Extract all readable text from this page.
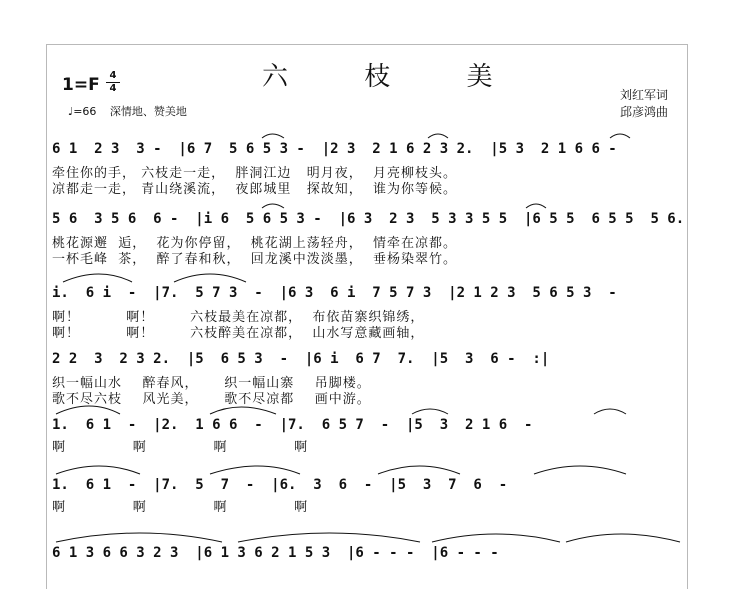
六 枝 美
1=F 4
4
♩=66 深情地、赞美地
刘红军词
邱彦鸿曲
6 1  2 3  3 -  |6 7  5 6 5 3 -  |2 3  2 1 6 2 3 2.  |5 3  2 1 6 6 -
牵住你的手， 六枝走一走，  胖洞江边   明月夜，  月亮柳枝头。
凉都走一走， 青山绕溪流，  夜郎城里   探故知，  谁为你等候。
5 6  3 5 6  6 -  |i 6  5 6 5 3 -  |6 3  2 3  5 3 3 5 5  |6 5 5  6 5 5  5 6.
桃花源邂  逅，  花为你停留，  桃花湖上荡轻舟，  情牵在凉都。
一杯毛峰  茶，  醉了春和秋，  回龙溪中泼淡墨，  垂杨染翠竹。
i.  6 i  -  |7.  5 7 3  -  |6 3  6 i  7 5 7 3  |2 1 2 3  5 6 5 3  -
啊！         啊！       六枝最美在凉都，  布依苗寨织锦绣，
啊！         啊！       六枝醉美在凉都，  山水写意藏画轴，
2 2  3  2 3 2.  |5  6 5 3  -  |6 i  6 7  7.  |5  3  6 -  :|
织一幅山水    醉春风，     织一幅山寨    吊脚楼。
歌不尽六枝    风光美，     歌不尽凉都    画中游。
1.  6 1  -  |2.  1 6 6  -  |7.  6 5 7  -  |5  3  2 1 6  -
啊             啊             啊             啊
1.  6 1  -  |7.  5  7  -  |6.  3  6  -  |5  3  7  6  -
啊             啊             啊             啊
6 1 3 6 6 3 2 3  |6 1 3 6 2 1 5 3  |6 - - -  |6 - - -
